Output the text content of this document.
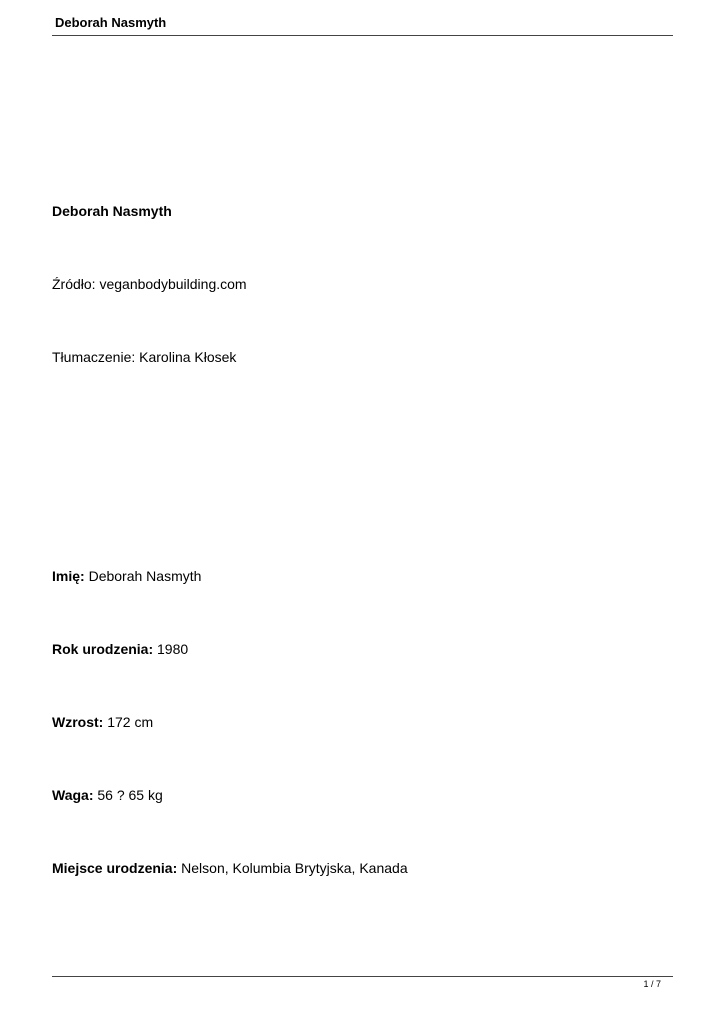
Deborah Nasmyth
Deborah Nasmyth
Źródło: veganbodybuilding.com
Tłumaczenie: Karolina Kłosek
Imię: Deborah Nasmyth
Rok urodzenia: 1980
Wzrost: 172 cm
Waga: 56 ? 65 kg
Miejsce urodzenia: Nelson, Kolumbia Brytyjska, Kanada
1 / 7
